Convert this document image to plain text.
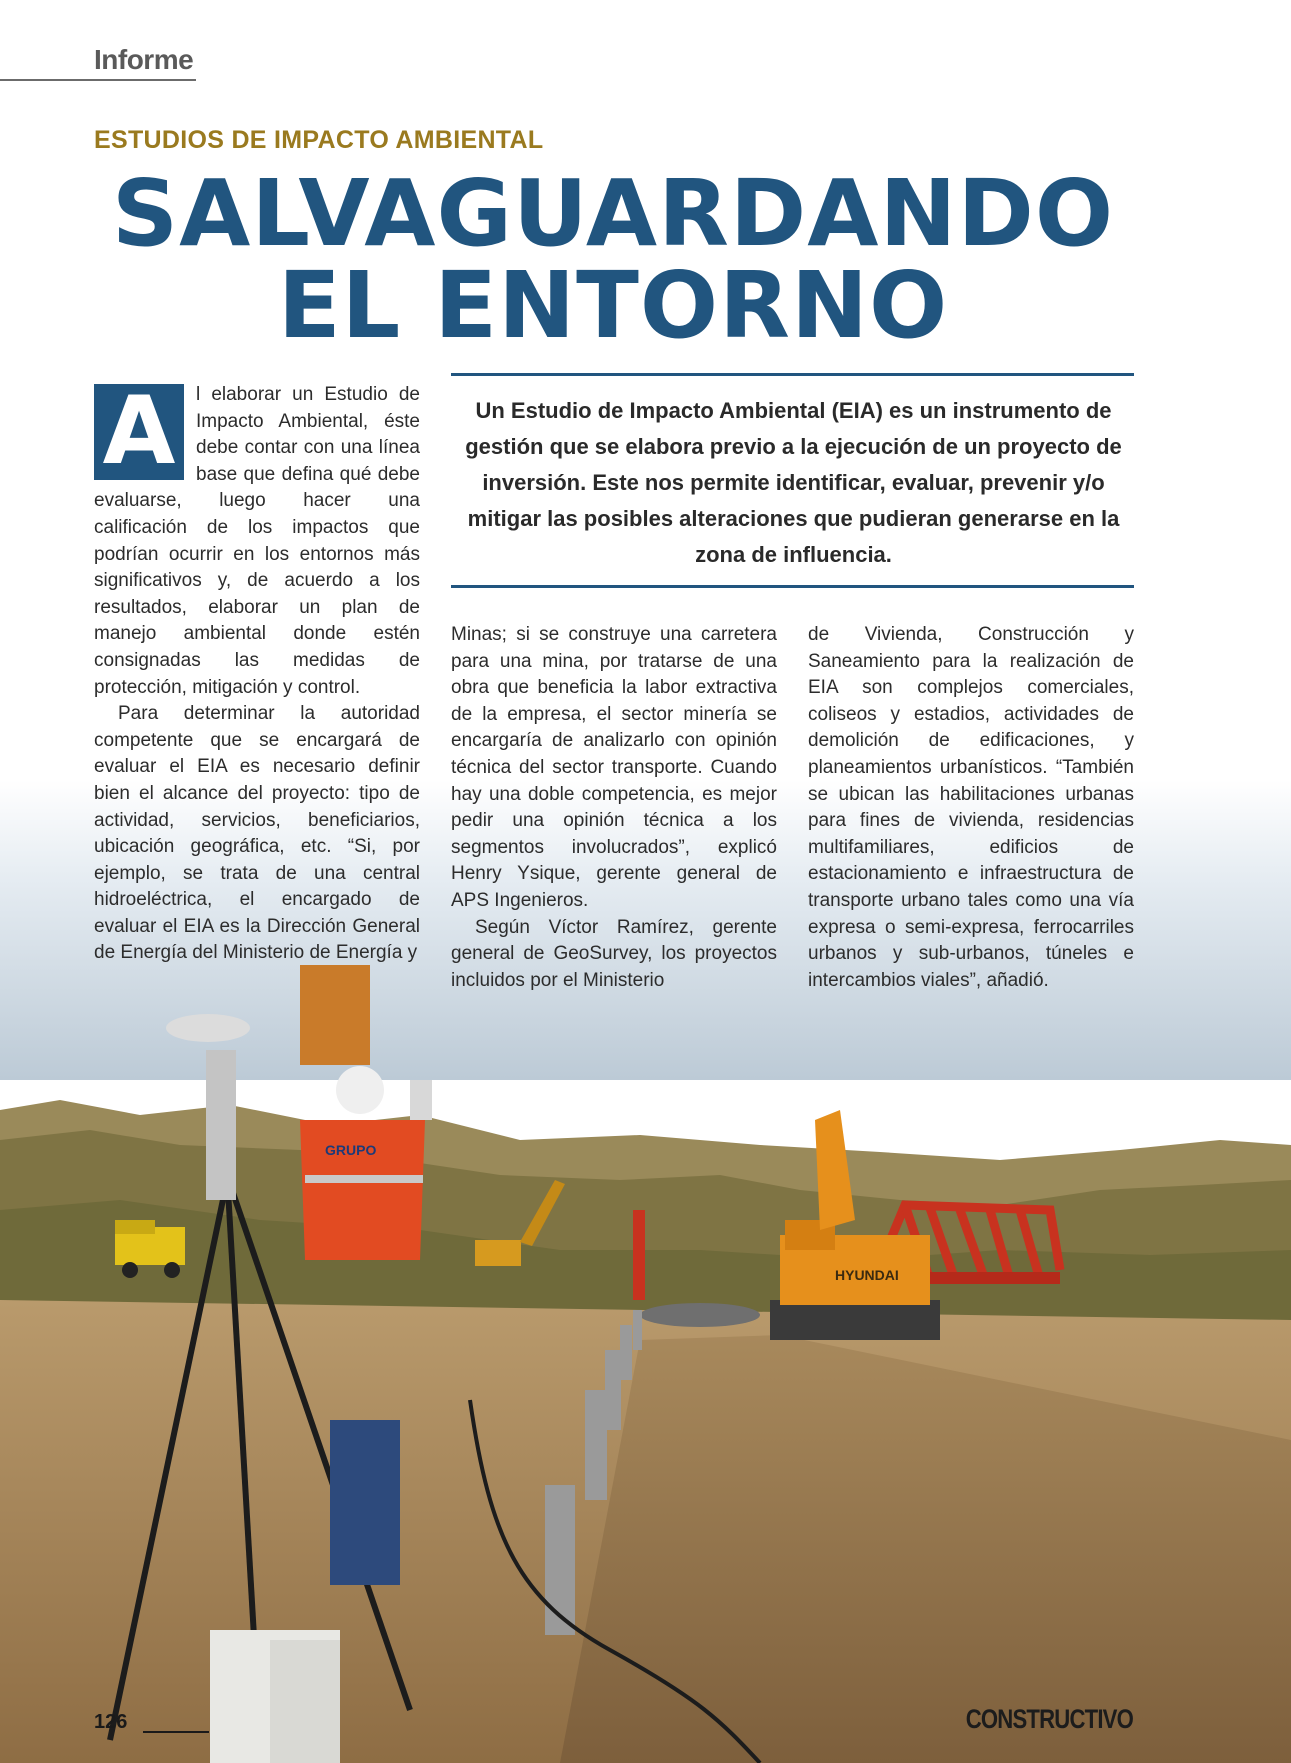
HYUNDAI
GRUPO
Informe
ESTUDIOS DE IMPACTO AMBIENTAL
SALVAGUARDANDO
EL ENTORNO
Un Estudio de Impacto Ambiental (EIA) es un instrumento de gestión que se elabora previo a la ejecución de un proyecto de inversión. Este nos permite identificar, evaluar, prevenir y/o mitigar las posibles alteraciones que pudieran generarse en la zona de influencia.

A	l elaborar un Estudio de Impacto Ambiental, éste debe contar con una línea base que defina qué debe evaluarse, luego hacer una calificación de los impactos que podrían ocurrir en los entornos más significativos y, de acuerdo a los resultados, elaborar un plan de manejo ambiental donde estén consignadas las medidas de protección, mitigación y control.

Para determinar la autoridad competente que se encargará de evaluar el EIA es necesario definir bien el alcance del proyecto: tipo de actividad, servicios, beneficiarios, ubicación geográfica, etc. “Si, por ejemplo, se trata de una central hidroeléctrica, el encargado de evaluar el EIA es la Dirección General de Energía del Ministerio de Energía y

Minas; si se construye una carretera para una mina, por tratarse de una obra que beneficia la labor extractiva de la empresa, el sector minería se encargaría de analizarlo con opinión técnica del sector transporte. Cuando hay una doble competencia, es mejor pedir una opinión técnica a los segmentos involucrados”, explicó Henry Ysique, gerente general de APS Ingenieros.

Según Víctor Ramírez, gerente general de GeoSurvey, los proyectos incluidos por el Ministerio

de Vivienda, Construcción y Saneamiento para la realización de EIA son complejos comerciales, coliseos y estadios, actividades de demolición de edificaciones, y planeamientos urbanísticos. “También se ubican las habilitaciones urbanas para fines de vivienda, residencias multifamiliares, edificios de estacionamiento e infraestructura de transporte urbano tales como una vía expresa o semi-expresa, ferrocarriles urbanos y sub-urbanos, túneles e intercambios viales”, añadió.

126	CONSTRUCTIVO
